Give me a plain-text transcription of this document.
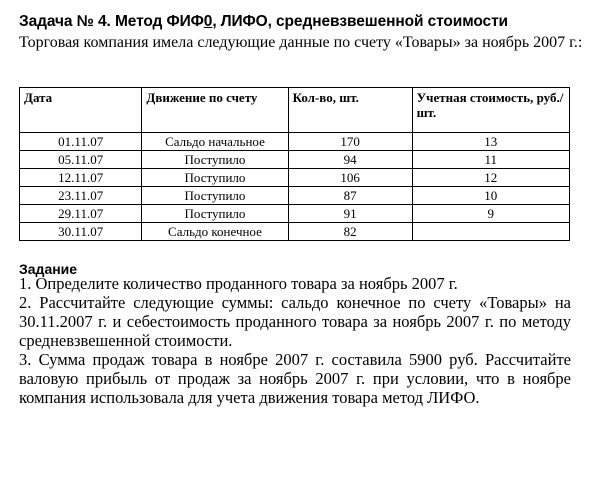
Задача № 4. Метод ФИФ0, ЛИФО, средневзвешенной стоимости
Торговая компания имела следующие данные по счету «Товары» за ноябрь 2007 г.:
Дата	Движение по счету	Кол-во, шт.	Учетная стоимость, руб./шт.
01.11.07	Сальдо начальное	170	13
05.11.07	Поступило	94	11
12.11.07	Поступило	106	12
23.11.07	Поступило	87	10
29.11.07	Поступило	91	9
30.11.07	Сальдо конечное	82	
Задание

1. Определите количество проданного товара за ноябрь 2007 г.

2. Рассчитайте следующие суммы: сальдо конечное по счету «Товары» на 30.11.2007 г. и себестоимость проданного товара за ноябрь 2007 г. по методу средневзвешенной стоимости.

3. Сумма продаж товара в ноябре 2007 г. составила 5900 руб. Рассчитайте валовую прибыль от продаж за ноябрь 2007 г. при условии, что в ноябре компания использовала для учета движения товара метод ЛИФО.
